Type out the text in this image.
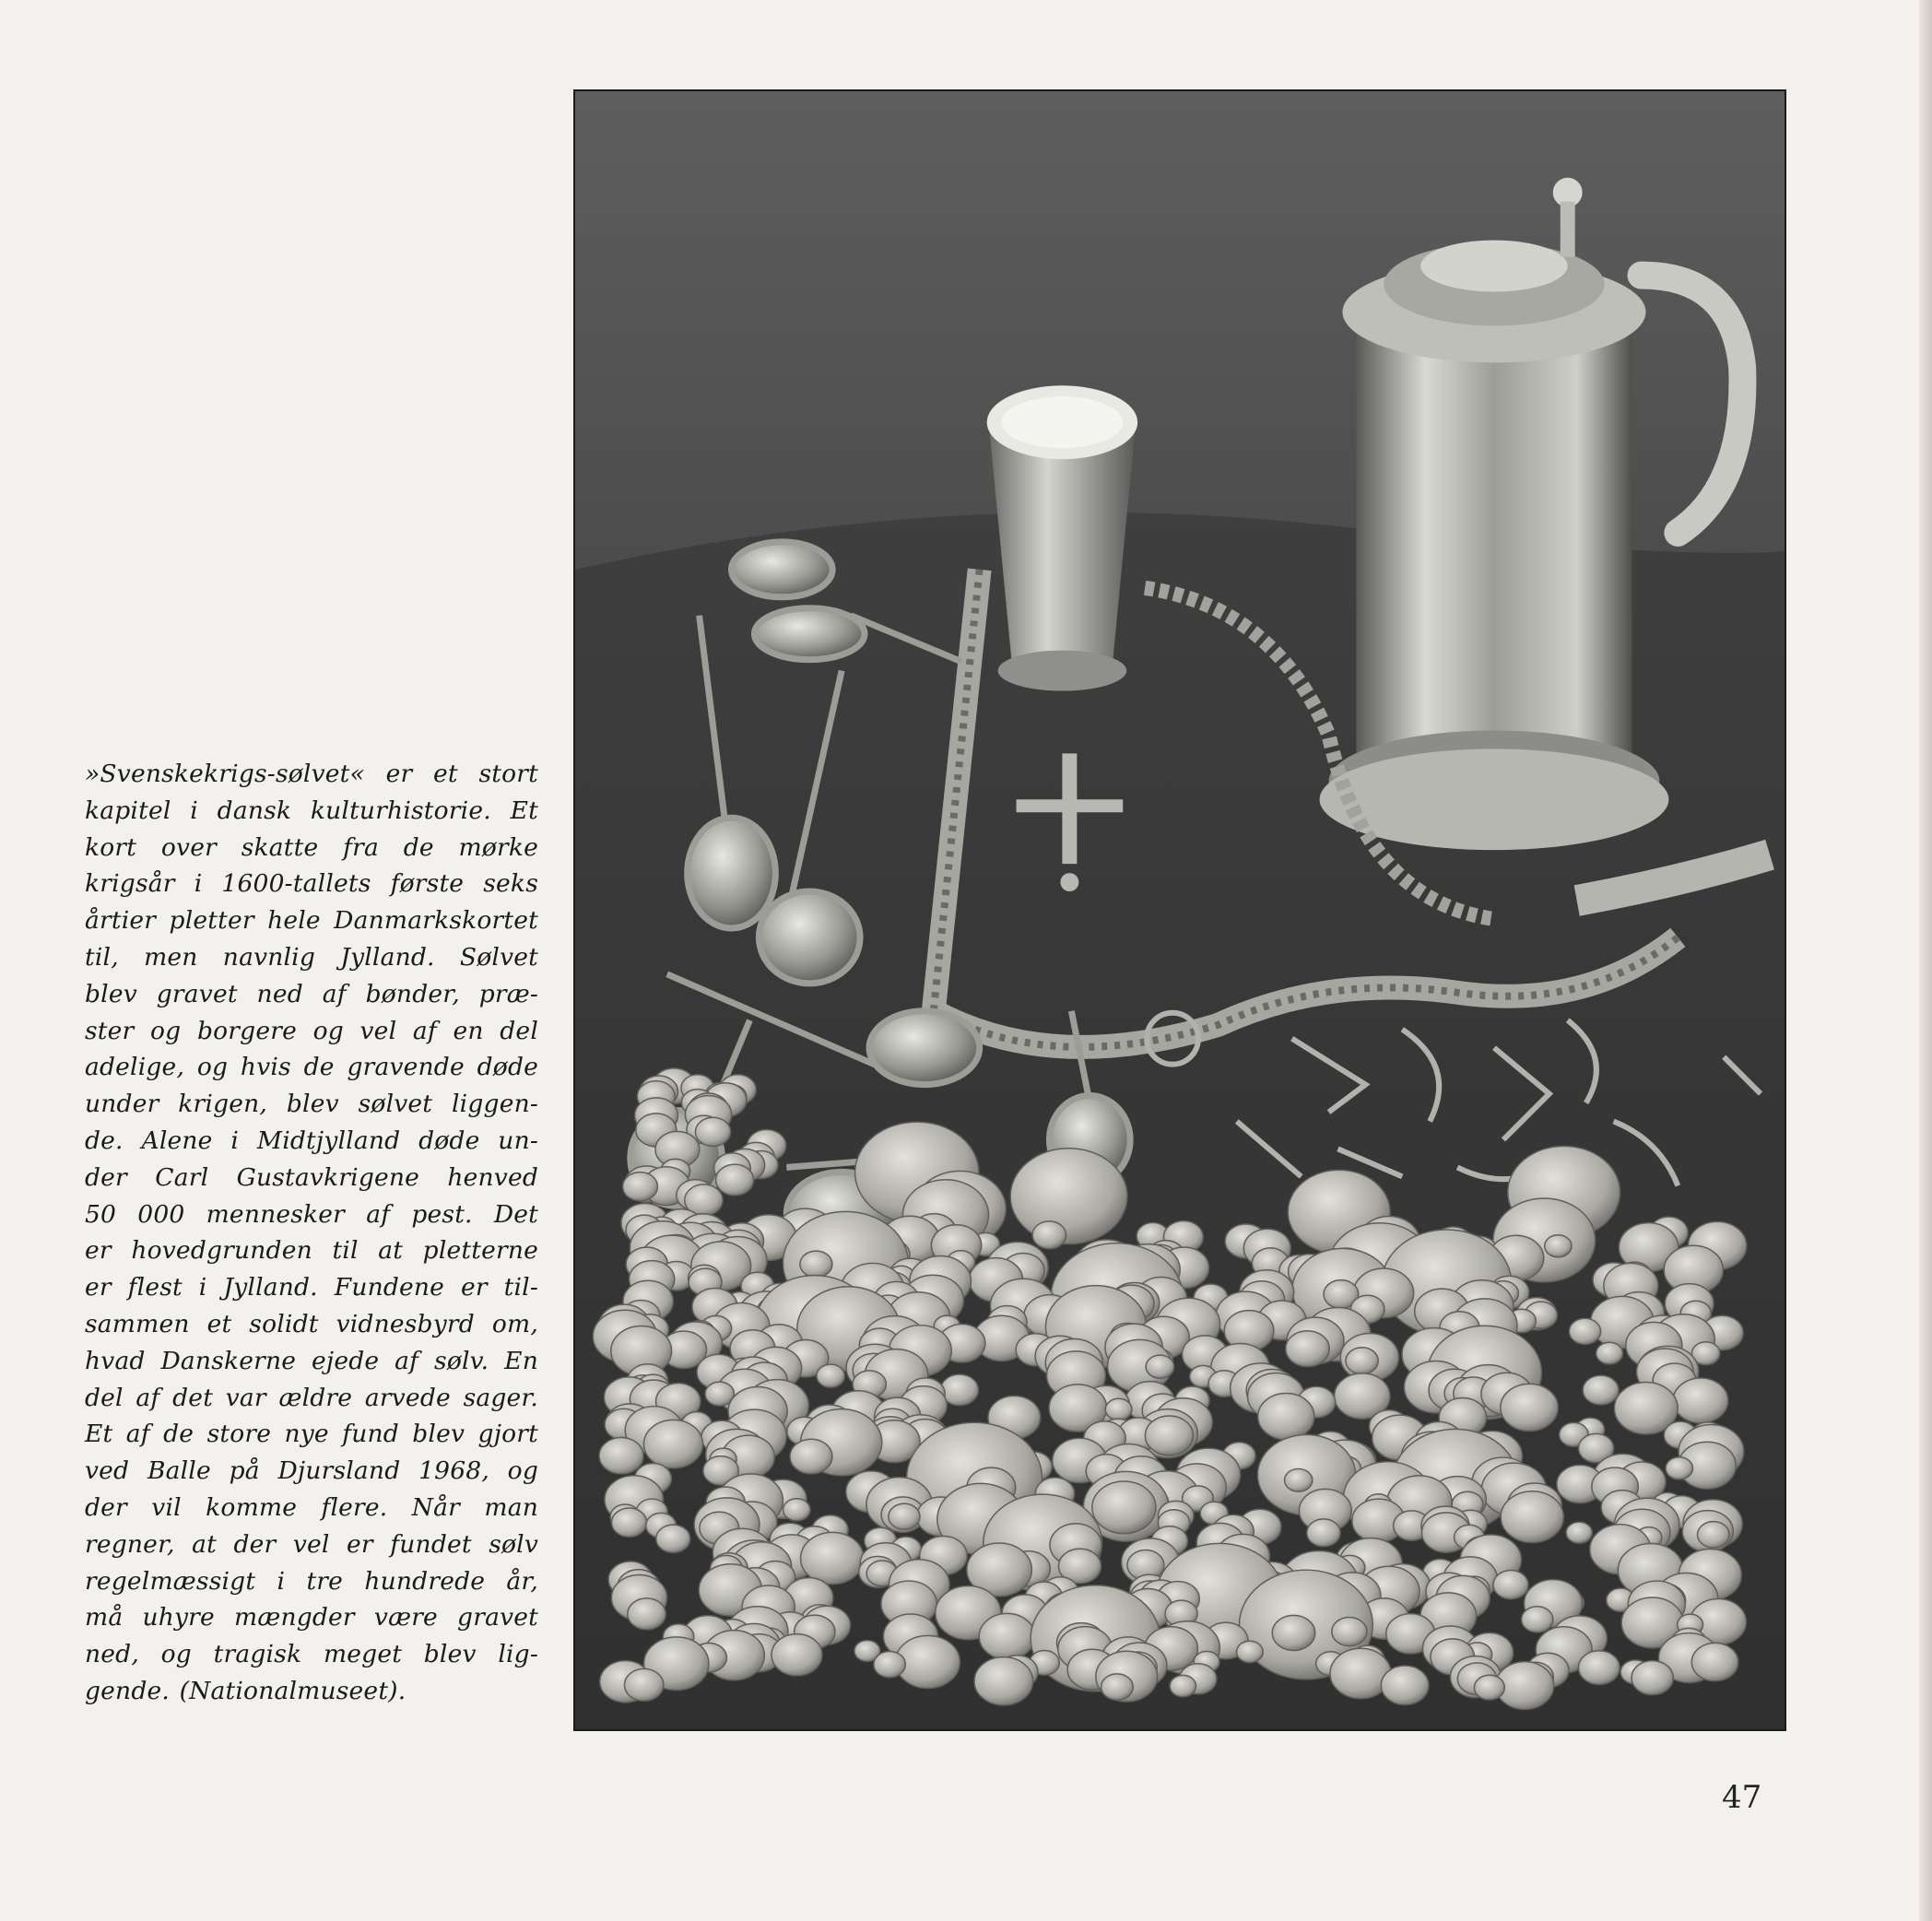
»Svenskekrigs-sølvet« er et stort
kapitel i dansk kulturhistorie. Et
kort over skatte fra de mørke
krigsår i 1600-tallets første seks
årtier pletter hele Danmarkskortet
til, men navnlig Jylland. Sølvet
blev gravet ned af bønder, præ-
ster og borgere og vel af en del
adelige, og hvis de gravende døde
under krigen, blev sølvet liggen-
de. Alene i Midtjylland døde un-
der Carl Gustavkrigene henved
50 000 mennesker af pest. Det
er hovedgrunden til at pletterne
er flest i Jylland. Fundene er til-
sammen et solidt vidnesbyrd om,
hvad Danskerne ejede af sølv. En
del af det var ældre arvede sager.
Et af de store nye fund blev gjort
ved Balle på Djursland 1968, og
der vil komme flere. Når man
regner, at der vel er fundet sølv
regelmæssigt i tre hundrede år,
må uhyre mængder være gravet
ned, og tragisk meget blev lig-
gende. (Nationalmuseet).
47
